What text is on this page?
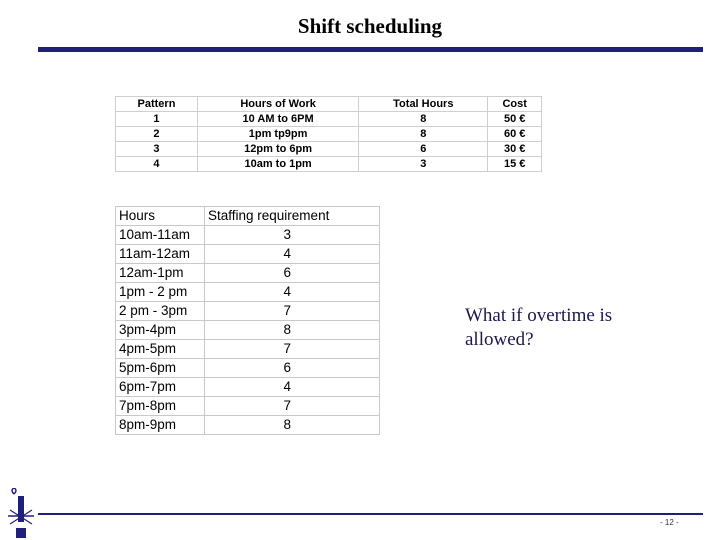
Shift scheduling
Pattern	Hours of Work	Total Hours	Cost
1	10 AM to 6PM	8	50 €
2	1pm tp9pm	8	60 €
3	12pm to 6pm	6	30 €
4	10am to 1pm	3	15 €
Hours	Staffing requirement
10am-11am	3
11am-12am	4
12am-1pm	6
1pm - 2 pm	4
2 pm - 3pm	7
3pm-4pm	8
4pm-5pm	7
5pm-6pm	6
6pm-7pm	4
7pm-8pm	7
8pm-9pm	8
What if overtime is allowed?
- 12 -
